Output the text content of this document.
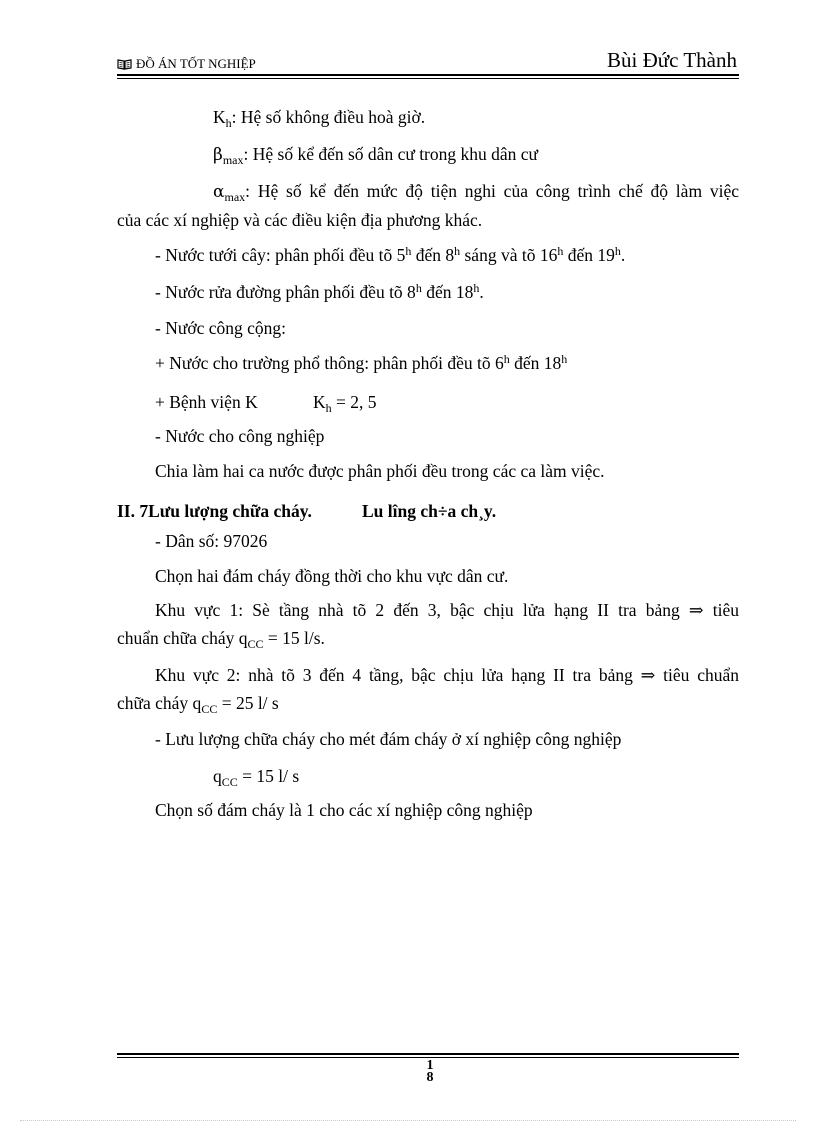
ĐỒ ÁN TỐT NGHIỆP	Bùi Đức Thành
$K_h$: Hệ số không điều hoà giờ.
$\beta_{max}$: Hệ số kể đến số dân cư trong khu dân cư
$\alpha_{max}$: Hệ số kể đến mức độ tiện nghi của công trình chế độ làm việc
của các xí nghiệp và các điều kiện địa phương khác.
- Nước tưới cây: phân phối đều tõ 5$^h$ đến 8$^h$ sáng và tõ 16$^h$ đến 19$^h$.
- Nước rửa đường phân phối đều tõ 8$^h$ đến 18$^h$.
- Nước công cộng:
+ Nước cho trường phổ thông: phân phối đều tõ 6$^h$ đến $18^h$
+ Bệnh viện K	$K_h = 2$, 5
- Nước cho công nghiệp
Chia làm hai ca nước được phân phối đều trong các ca làm việc.
II. 7Lưu lượng chữa cháy.	Lu lîng ch÷a ch¸y.
- Dân số: 97026
Chọn hai đám cháy đồng thời cho khu vực dân cư.
Khu vực 1: Sè tầng nhà tõ 2 đến 3, bậc chịu lửa hạng II tra bảng ⇒ tiêu
chuẩn chữa cháy $q_{CC} = 15$ l/s.
Khu vực 2: nhà tõ 3 đến 4 tầng, bậc chịu lửa hạng II tra bảng ⇒ tiêu chuẩn
chữa cháy $q_{CC} = 25$ l/ s
- Lưu lượng chữa cháy cho mét đám cháy ở xí nghiệp công nghiệp
$q_{CC} = 15$ l/ s
Chọn số đám cháy là 1 cho các xí nghiệp công nghiệp
1
8
